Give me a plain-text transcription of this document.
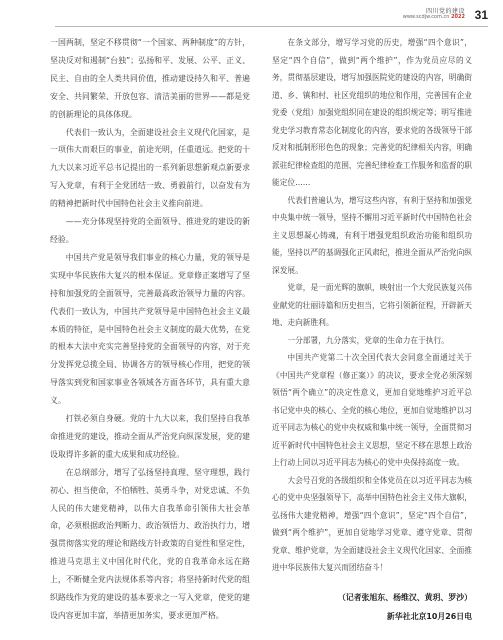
四川党的建设
www.scdjw.com.cn 2022 31

一国两制，坚定不移贯彻“一个国家、两种制度”的方针，坚决反对和遏制“台独”；弘扬和平、发展、公平、正义、民主、自由的全人类共同价值，推动建设持久和平、普遍安全、共同繁荣、开放包容、清洁美丽的世界——都是党的创新理论的具体体现。

代表们一致认为，全面建设社会主义现代化国家，是一项伟大而艰巨的事业，前途光明，任重道远。把党的十九大以来习近平总书记提出的一系列新思想新观点新要求写入党章，有利于全党团结一致、勇毅前行，以奋发有为的精神把新时代中国特色社会主义推向前进。

——充分体现坚持党的全面领导、推进党的建设的新经验。

中国共产党是领导我们事业的核心力量，党的领导是实现中华民族伟大复兴的根本保证。党章修正案增写了坚持和加强党的全面领导，完善最高政治领导力量的内容。代表们一致认为，中国共产党领导是中国特色社会主义最本质的特征，是中国特色社会主义制度的最大优势，在党的根本大法中充实完善坚持党的全面领导的内容，对于充分发挥党总揽全局、协调各方的领导核心作用，把党的领导落实到党和国家事业各领域各方面各环节，具有重大意义。

打铁必须自身硬。党的十九大以来，我们坚持自我革命推进党的建设，推动全面从严治党向纵深发展，党的建设取得许多新的重大成果和成功经验。

在总纲部分，增写了弘扬坚持真理、坚守理想，践行初心、担当使命，不怕牺牲、英勇斗争，对党忠诚、不负人民的伟大建党精神，以伟大自我革命引领伟大社会革命，必须根据政治判断力、政治领悟力、政治执行力，增强贯彻落实党的理论和路线方针政策的自觉性和坚定性，推进马克思主义中国化时代化，党的自我革命永远在路上，不断健全党内法规体系等内容；将坚持新时代党的组织路线作为党的建设的基本要求之一写入党章，使党的建设内容更加丰富，举措更加务实，要求更加严格。

在条文部分，增写学习党的历史，增强“四个意识”，坚定“四个自信”，做到“两个维护”，作为党员应尽的义务，贯彻基层建设，增写加强医院党的建设的内容，明确街道、乡、镇和村、社区党组织的地位和作用，完善国有企业党委（党组）加强党组织同在建设的组织规定等；明写推进党史学习教育常态化制度化的内容，要求党的各级领导干部反对和抵制形形色色的现象；完善党的纪律相关内容，明确派驻纪律检查组的范围，完善纪律检查工作服务和监督的职能定位……

代表们普遍认为，增写这些内容，有利于坚持和加强党中央集中统一领导，坚持不懈用习近平新时代中国特色社会主义思想凝心铸魂，有利于增强党组织政治功能和组织功能，坚持以严的基调强化正风肃纪，推进全面从严治党向纵深发展。

党章，是一面光辉的旗帜，映射出一个大党民族复兴伟业献党的壮丽诗篇和历史担当，它将引领新征程，开辟新天地、走向新胜利。

一分部署，九分落实，党章的生命力在于执行。

中国共产党第二十次全国代表大会同意全面通过关于《中国共产党章程（修正案）》的决议，要求全党必须深刻领悟“两个确立”的决定性意义，更加自觉地维护习近平总书记党中央的核心、全党的核心地位，更加自觉地维护以习近平同志为核心的党中央权威和集中统一领导，全面贯彻习近平新时代中国特色社会主义思想，坚定不移在思想上政治上行动上同以习近平同志为核心的党中央保持高度一致。

大会号召党的各级组织和全体党员在以习近平同志为核心的党中央坚强领导下，高举中国特色社会主义伟大旗帜，弘扬伟大建党精神，增强“四个意识”，坚定“四个自信”，做到“两个维护”，更加自觉地学习党章、遵守党章、贯彻党章、维护党章，为全面建设社会主义现代化国家、全面推进中华民族伟大复兴而团结奋斗！

（记者张旭东、杨维汉、黄玥、罗沙）
新华社北京10月26日电
